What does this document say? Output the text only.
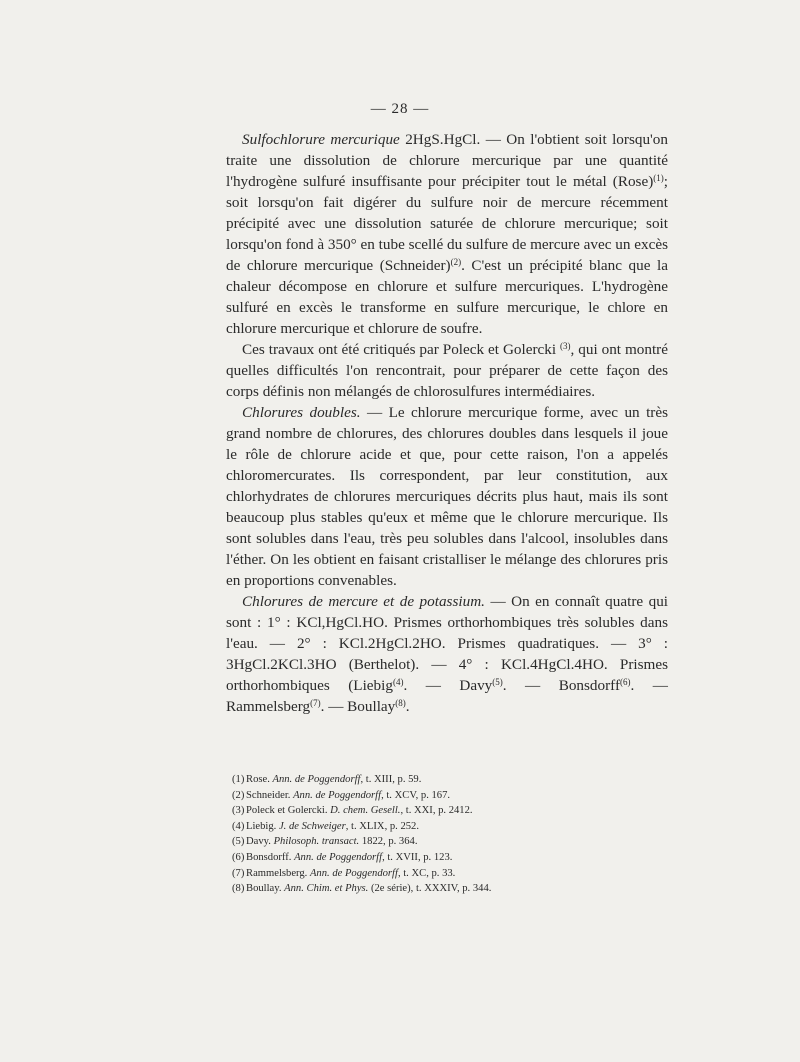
— 28 —

Sulfochlorure mercurique 2HgS.HgCl. — On l'obtient soit lorsqu'on traite une dissolution de chlorure mercurique par une quantité l'hydrogène sulfuré insuffisante pour précipiter tout le métal (Rose)$^{(1)}$; soit lorsqu'on fait digérer du sulfure noir de mercure récemment précipité avec une dissolution saturée de chlorure mercurique; soit lorsqu'on fond à 350° en tube scellé du sulfure de mercure avec un excès de chlorure mercurique (Schneider)$^{(2)}$. C'est un précipité blanc que la chaleur décompose en chlorure et sulfure mercuriques. L'hydrogène sulfuré en excès le transforme en sulfure mercurique, le chlore en chlorure mercurique et chlorure de soufre.

Ces travaux ont été critiqués par Poleck et Golercki $^{(3)}$, qui ont montré quelles difficultés l'on rencontrait, pour préparer de cette façon des corps définis non mélangés de chlorosulfures intermédiaires.

Chlorures doubles. — Le chlorure mercurique forme, avec un très grand nombre de chlorures, des chlorures doubles dans lesquels il joue le rôle de chlorure acide et que, pour cette raison, l'on a appelés chloromercurates. Ils correspondent, par leur constitution, aux chlorhydrates de chlorures mercuriques décrits plus haut, mais ils sont beaucoup plus stables qu'eux et même que le chlorure mercurique. Ils sont solubles dans l'eau, très peu solubles dans l'alcool, insolubles dans l'éther. On les obtient en faisant cristalliser le mélange des chlorures pris en proportions convenables.

Chlorures de mercure et de potassium. — On en connaît quatre qui sont : 1° : KCl,HgCl.HO. Prismes orthorhombiques très solubles dans l'eau. — 2° : KCl.2HgCl.2HO. Prismes quadratiques. — 3° : 3HgCl.2KCl.3HO (Berthelot). — 4° : KCl.4HgCl.4HO. Prismes orthorhombiques (Liebig$^{(4)}$. — Davy$^{(5)}$. — Bonsdorff$^{(6)}$. — Rammelsberg$^{(7)}$. — Boullay$^{(8)}$.

(1) Rose. Ann. de Poggendorff, t. XIII, p. 59.
(2) Schneider. Ann. de Poggendorff, t. XCV, p. 167.
(3) Poleck et Golercki. D. chem. Gesell., t. XXI, p. 2412.
(4) Liebig. J. de Schweiger, t. XLIX, p. 252.
(5) Davy. Philosoph. transact. 1822, p. 364.
(6) Bonsdorff. Ann. de Poggendorff, t. XVII, p. 123.
(7) Rammelsberg. Ann. de Poggendorff, t. XC, p. 33.
(8) Boullay. Ann. Chim. et Phys. (2e série), t. XXXIV, p. 344.
